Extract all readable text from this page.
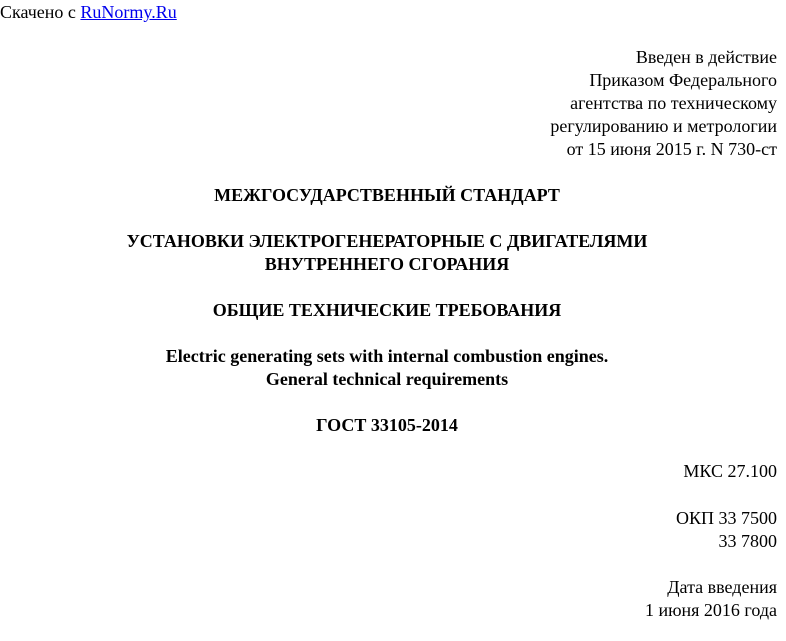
Скачено с RuNormy.Ru
Введен в действие
Приказом Федерального
агентства по техническому
регулированию и метрологии
от 15 июня 2015 г. N 730-ст
МЕЖГОСУДАРСТВЕННЫЙ СТАНДАРТ
УСТАНОВКИ ЭЛЕКТРОГЕНЕРАТОРНЫЕ С ДВИГАТЕЛЯМИ
ВНУТРЕННЕГО СГОРАНИЯ
ОБЩИЕ ТЕХНИЧЕСКИЕ ТРЕБОВАНИЯ
Electric generating sets with internal combustion engines.
General technical requirements
ГОСТ 33105-2014
МКС 27.100
ОКП 33 7500
33 7800
Дата введения
1 июня 2016 года
